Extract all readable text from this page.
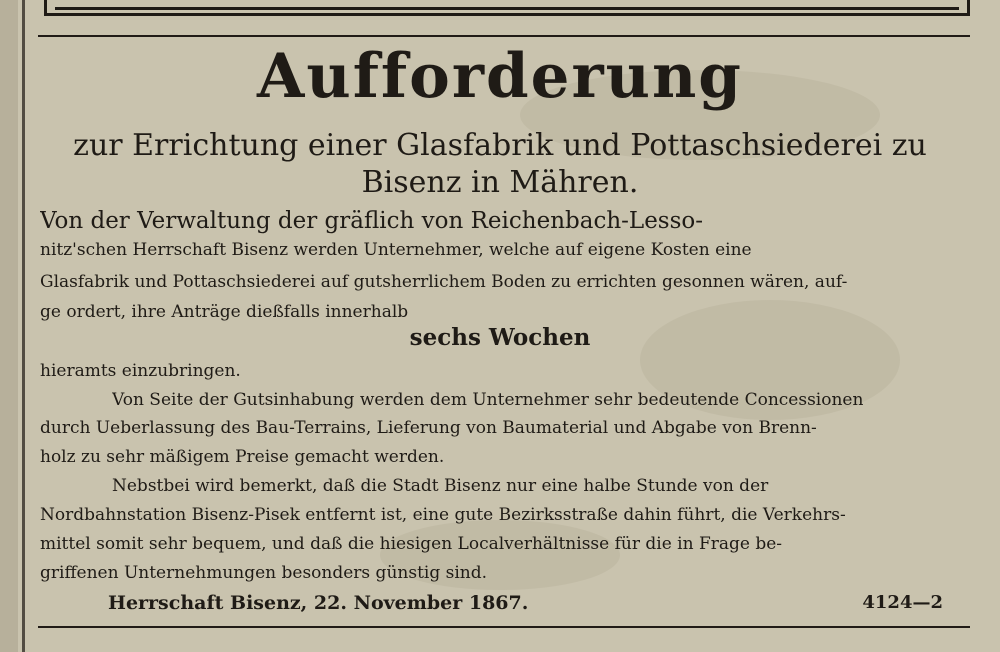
Aufforderung
zur Errichtung einer Glasfabrik und Pottaschsiederei zu
Bisenz in Mähren.
Von der Verwaltung der gräflich von Reichenbach-Lesso-
nitz'schen Herrschaft Bisenz werden Unternehmer, welche auf eigene Kosten eine
Glasfabrik und Pottaschsiederei auf gutsherrlichem Boden zu errichten gesonnen wären, auf-
ge ordert, ihre Anträge dießfalls innerhalb
sechs Wochen
hieramts einzubringen.
Von Seite der Gutsinhabung werden dem Unternehmer sehr bedeutende Concessionen
durch Ueberlassung des Bau-Terrains, Lieferung von Baumaterial und Abgabe von Brenn-
holz zu sehr mäßigem Preise gemacht werden.
Nebstbei wird bemerkt, daß die Stadt Bisenz nur eine halbe Stunde von der
Nordbahnstation Bisenz-Pisek entfernt ist, eine gute Bezirksstraße dahin führt, die Verkehrs-
mittel somit sehr bequem, und daß die hiesigen Localverhältnisse für die in Frage be-
griffenen Unternehmungen besonders günstig sind.
Herrschaft Bisenz, 22. November 1867.	4124—2
